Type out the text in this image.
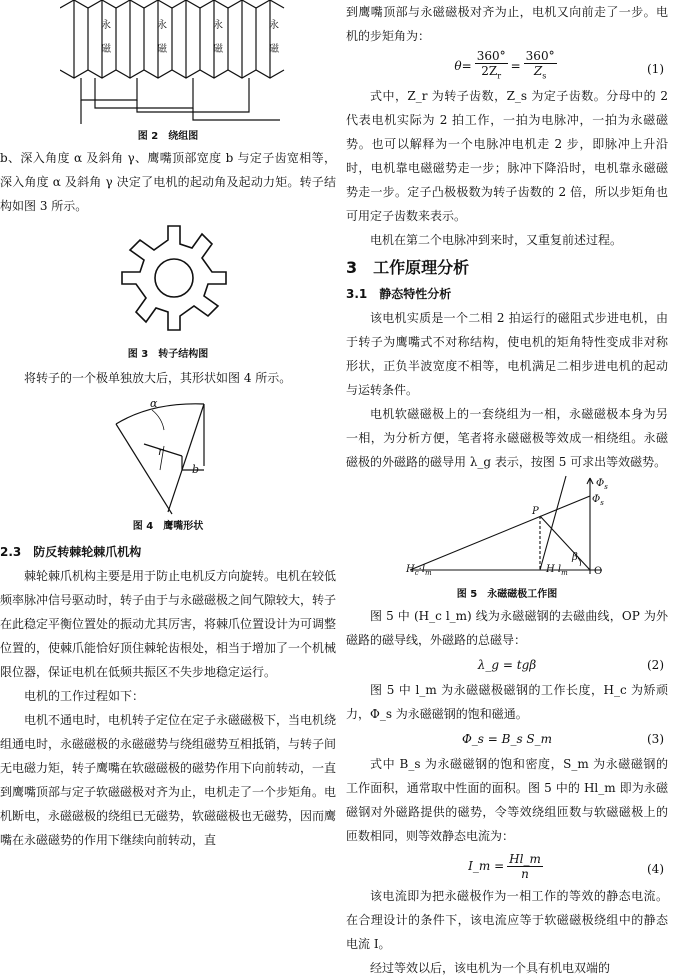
永
磁
永
磁
永
磁
永
磁

图 2　绕组图

b、深入角度 α 及斜角 γ、鹰嘴顶部宽度 b 与定子齿宽相等，深入角度 α 及斜角 γ 决定了电机的起动角及起动力矩。转子结构如图 3 所示。

图 3　转子结构图

将转子的一个极单独放大后，其形状如图 4 所示。

α
r
b

图 4　鹰嘴形状

2.3　防反转棘轮棘爪机构

棘轮棘爪机构主要是用于防止电机反方向旋转。电机在较低频率脉冲信号驱动时，转子由于与永磁磁极之间气隙较大，转子在此稳定平衡位置处的振动尤其厉害，将棘爪位置设计为可调整位置的，使棘爪能恰好顶住棘轮齿根处，相当于增加了一个机械限位器，保证电机在低频共振区不失步地稳定运行。

电机的工作过程如下：

电机不通电时，电机转子定位在定子永磁磁极下，当电机绕组通电时，永磁磁极的永磁磁势与绕组磁势互相抵销，与转子间无电磁力矩，转子鹰嘴在软磁磁极的磁势作用下向前转动，一直到鹰嘴顶部与定子软磁磁极对齐为止，电机走了一个步矩角。电机断电，永磁磁极的绕组已无磁势，软磁磁极也无磁势，因而鹰嘴在永磁磁势的作用下继续向前转动，直

到鹰嘴顶部与永磁磁极对齐为止，电机又向前走了一步。电机的步矩角为：

$\theta= \frac{360^\circ}{2Z_r} = \frac{360^\circ}{Z_s}$	(1)

式中，Z_r 为转子齿数，Z_s 为定子齿数。分母中的 2 代表电机实际为 2 拍工作，一拍为电脉冲，一拍为永磁磁势。也可以解释为一个电脉冲电机走 2 步，即脉冲上升沿时，电机靠电磁磁势走一步；脉冲下降沿时，电机靠永磁磁势走一步。定子凸极极数为转子齿数的 2 倍，所以步矩角也可用定子齿数来表示。

电机在第二个电脉冲到来时，又重复前述过程。

3　工作原理分析

3.1　静态特性分析

该电机实质是一个二相 2 拍运行的磁阻式步进电机，由于转子为鹰嘴式不对称结构，使电机的矩角特性变成非对称形状，正负半波宽度不相等，电机满足二相步进电机的起动与运转条件。

电机软磁磁极上的一套绕组为一相，永磁磁极本身为另一相，为分析方便，笔者将永磁磁极等效成一相绕组。永磁磁极的外磁路的磁导用 λ_g 表示，按图 5 可求出等效磁势。

$\Phi_s$
$\Phi_s$
P
β
O
$H_c\cdot l_m$	H $l_m$

图 5　永磁磁极工作图

图 5 中 (H_c l_m) 线为永磁磁钢的去磁曲线，OP 为外磁路的磁导线，外磁路的总磁导：

λ_g = tgβ	(2)

图 5 中 l_m 为永磁磁极磁钢的工作长度，H_c 为矫顽力，Φ_s 为永磁磁钢的饱和磁通。

Φ_s = B_s S_m	(3)

式中 B_s 为永磁磁钢的饱和密度，S_m 为永磁磁钢的工作面积，通常取中性面的面积。图 5 中的 Hl_m 即为永磁磁钢对外磁路提供的磁势，令等效绕组匝数与软磁磁极上的匝数相同，则等效静态电流为：

I_m = $\frac{Hl\_m}{n}$	(4)

该电流即为把永磁极作为一相工作的等效的静态电流。在合理设计的条件下，该电流应等于软磁磁极绕组中的静态电流 I。

经过等效以后，该电机为一个具有机电双端的
